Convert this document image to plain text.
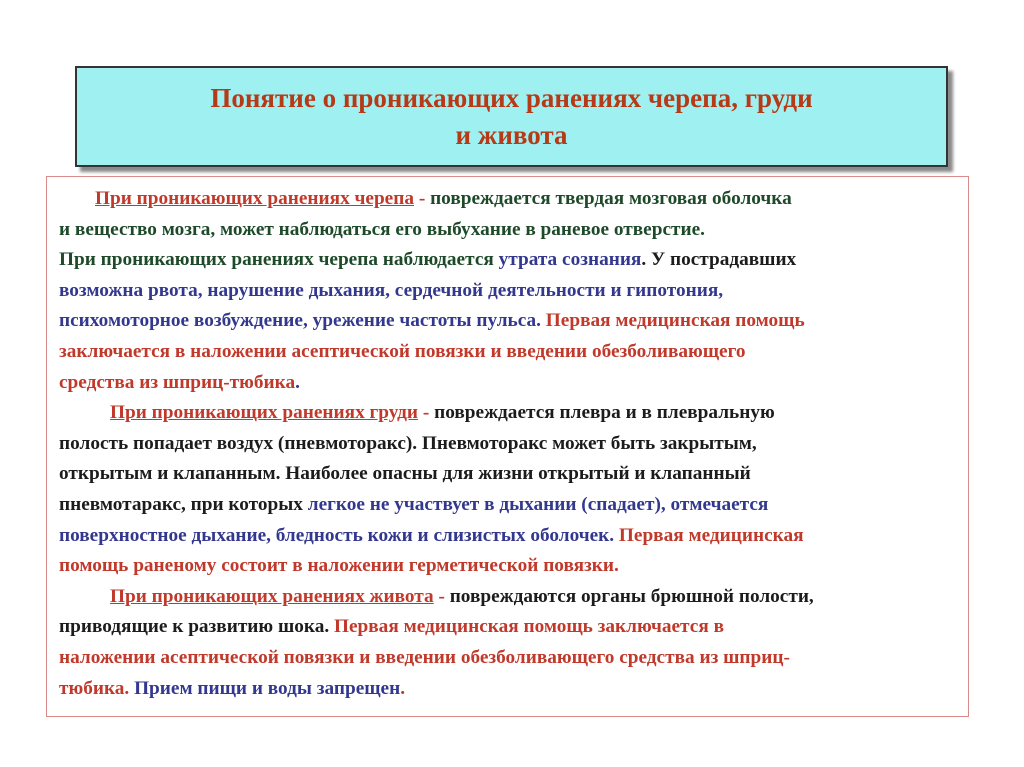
Понятие о проникающих ранениях черепа, груди
и живота
При проникающих ранениях черепа - повреждается твердая мозговая оболочка
и вещество мозга, может наблюдаться его выбухание в раневое отверстие.
При проникающих ранениях черепа наблюдается утрата сознания. У пострадавших
возможна рвота, нарушение дыхания, сердечной деятельности и гипотония,
психомоторное возбуждение, урежение частоты пульса. Первая медицинская помощь
заключается в наложении асептической повязки и введении обезболивающего
средства из шприц-тюбика.
При проникающих ранениях груди - повреждается плевра и в плевральную
полость попадает воздух (пневмоторакс). Пневмоторакс может быть закрытым,
открытым и клапанным. Наиболее опасны для жизни открытый и клапанный
пневмотаракс, при которых легкое не участвует в дыхании (спадает), отмечается
поверхностное дыхание, бледность кожи и слизистых оболочек. Первая медицинская
помощь раненому состоит в наложении герметической повязки.
При проникающих ранениях живота - повреждаются органы брюшной полости,
приводящие к развитию шока. Первая медицинская помощь заключается в
наложении асептической повязки и введении обезболивающего средства из шприц-
тюбика. Прием пищи и воды запрещен.
